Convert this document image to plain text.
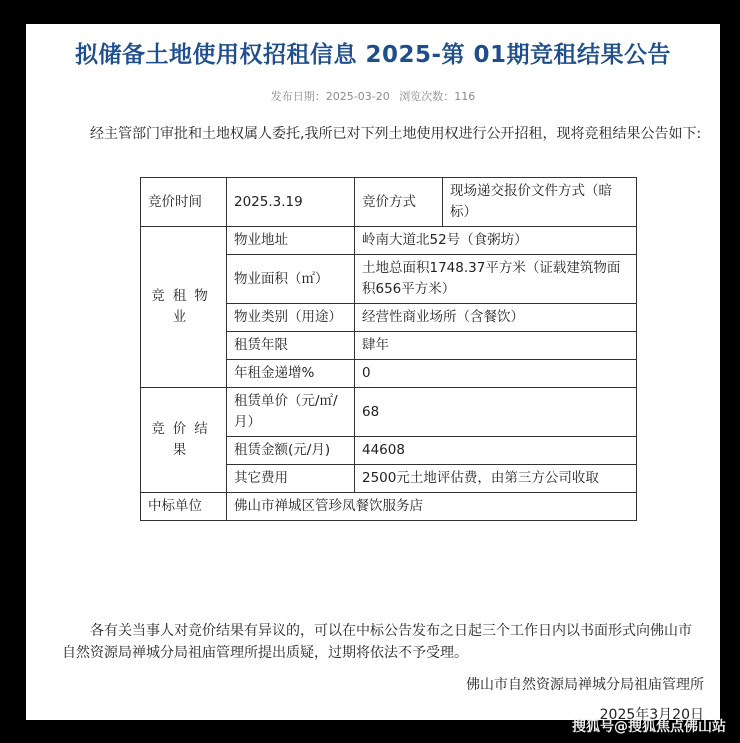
拟储备土地使用权招租信息 2025-第 01期竞租结果公告
发布日期：2025-03-20 浏览次数：116
经主管部门审批和土地权属人委托,我所已对下列土地使用权进行公开招租，现将竞租结果公告如下:
竞价时间	2025.3.19	竞价方式	现场递交报价文件方式（暗标）
竞租物业	物业地址	岭南大道北52号（食粥坊）	
	物业面积（㎡）	土地总面积1748.37平方米（证载建筑物面积656平方米）	
	物业类别（用途）	经营性商业场所（含餐饮）	
	租赁年限	肆年	
	年租金递增%	0	
竞价结果	租赁单价（元/㎡/月）	68	
	租赁金额(元/月)	44608	
	其它费用	2500元土地评估费，由第三方公司收取	
中标单位	佛山市禅城区管珍凤餐饮服务店		
各有关当事人对竞价结果有异议的，可以在中标公告发布之日起三个工作日内以书面形式向佛山市自然资源局禅城分局祖庙管理所提出质疑，过期将依法不予受理。
佛山市自然资源局禅城分局祖庙管理所
2025年3月20日
搜狐号@搜狐焦点佛山站
